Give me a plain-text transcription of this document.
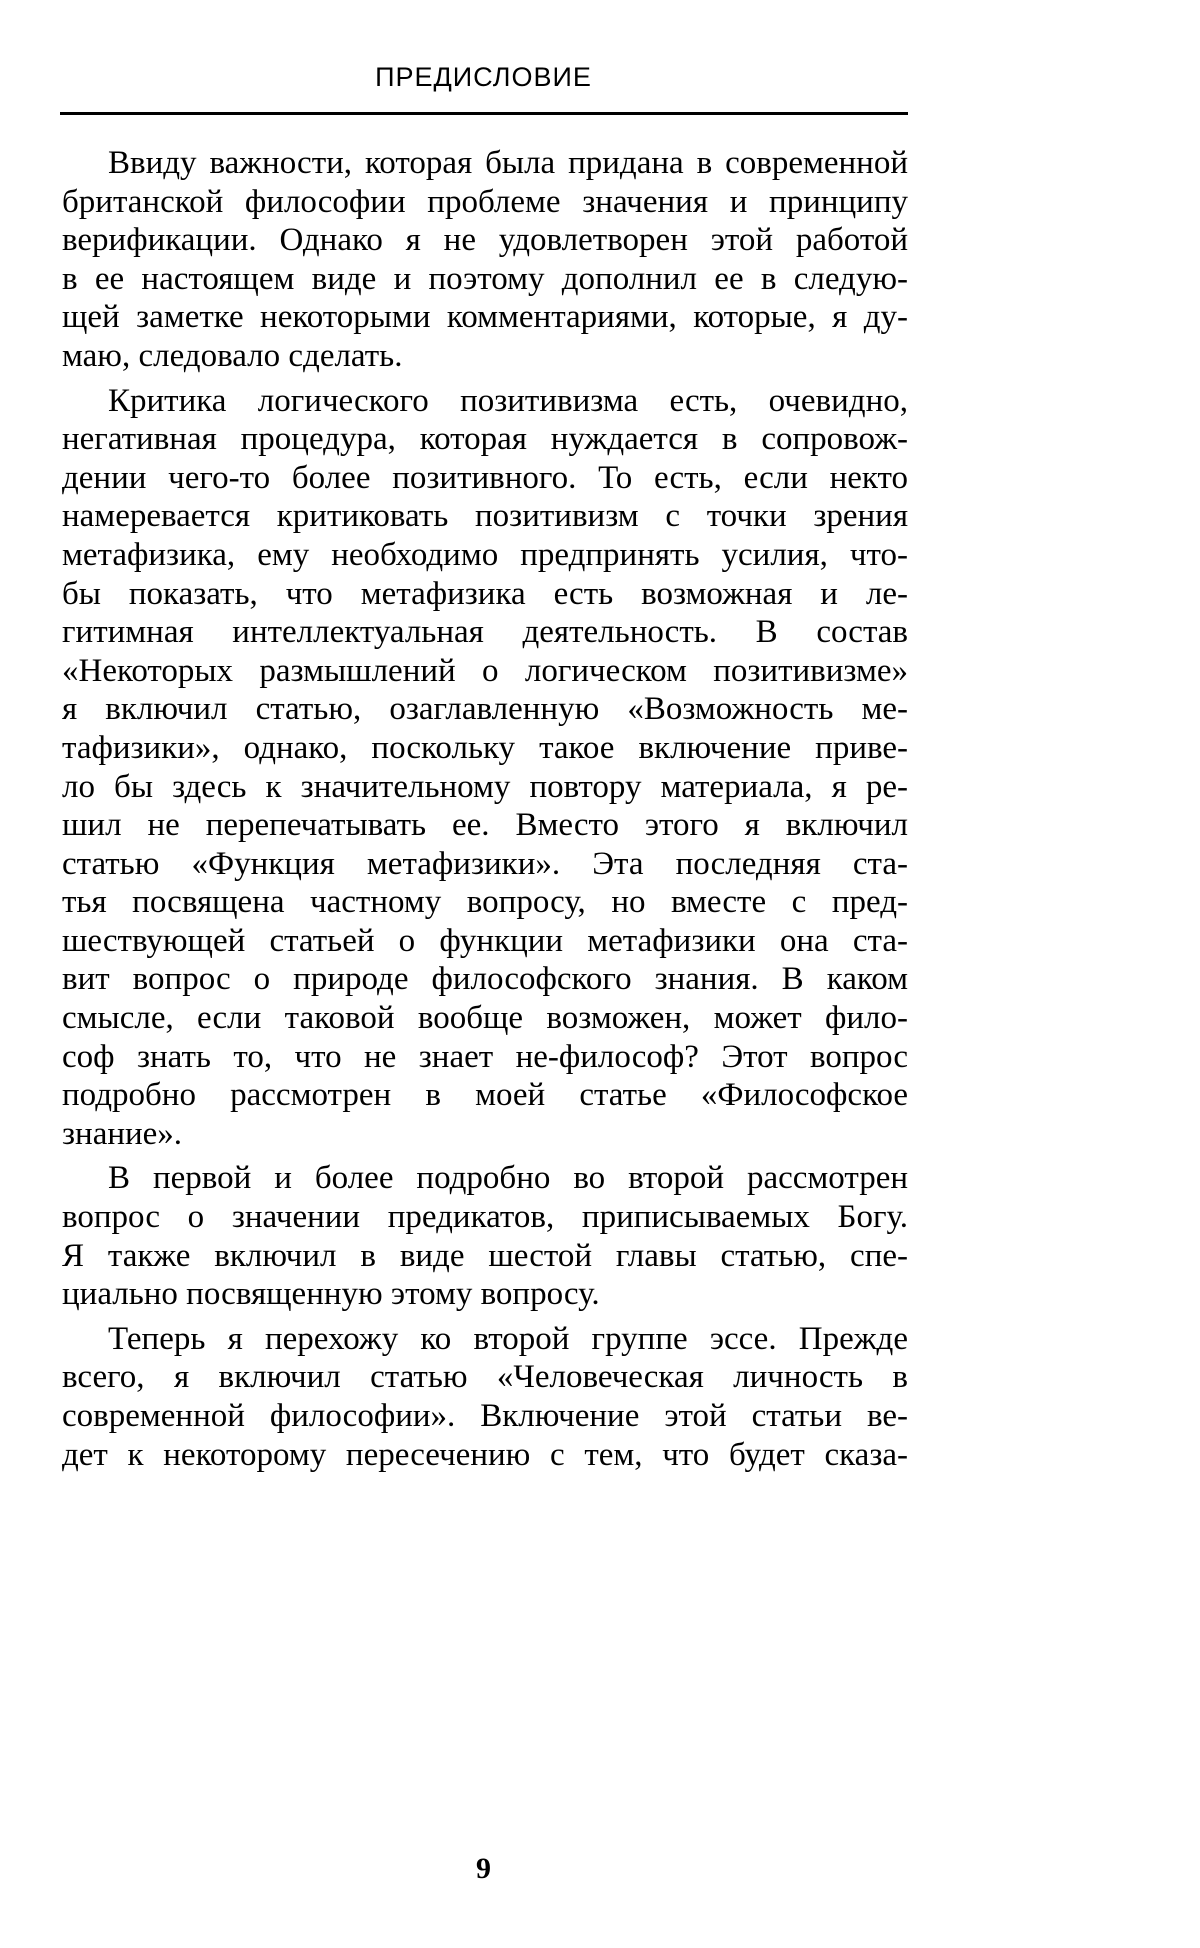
ПРЕДИСЛОВИЕ
Ввиду важности, которая была придана в современной
британской философии проблеме значения и принципу
верификации. Однако я не удовлетворен этой работой
в ее настоящем виде и поэтому дополнил ее в следую-
щей заметке некоторыми комментариями, которые, я ду-
маю, следовало сделать.
Критика логического позитивизма есть, очевидно,
негативная процедура, которая нуждается в сопровож-
дении чего-то более позитивного. То есть, если некто
намеревается критиковать позитивизм с точки зрения
метафизика, ему необходимо предпринять усилия, что-
бы показать, что метафизика есть возможная и ле-
гитимная интеллектуальная деятельность. В состав
«Некоторых размышлений о логическом позитивизме»
я включил статью, озаглавленную «Возможность ме-
тафизики», однако, поскольку такое включение приве-
ло бы здесь к значительному повтору материала, я ре-
шил не перепечатывать ее. Вместо этого я включил
статью «Функция метафизики». Эта последняя ста-
тья посвящена частному вопросу, но вместе с пред-
шествующей статьей о функции метафизики она ста-
вит вопрос о природе философского знания. В каком
смысле, если таковой вообще возможен, может фило-
соф знать то, что не знает не-философ? Этот вопрос
подробно рассмотрен в моей статье «Философское
знание».
В первой и более подробно во второй рассмотрен
вопрос о значении предикатов, приписываемых Богу.
Я также включил в виде шестой главы статью, спе-
циально посвященную этому вопросу.
Теперь я перехожу ко второй группе эссе. Прежде
всего, я включил статью «Человеческая личность в
современной философии». Включение этой статьи ве-
дет к некоторому пересечению с тем, что будет сказа-
9
